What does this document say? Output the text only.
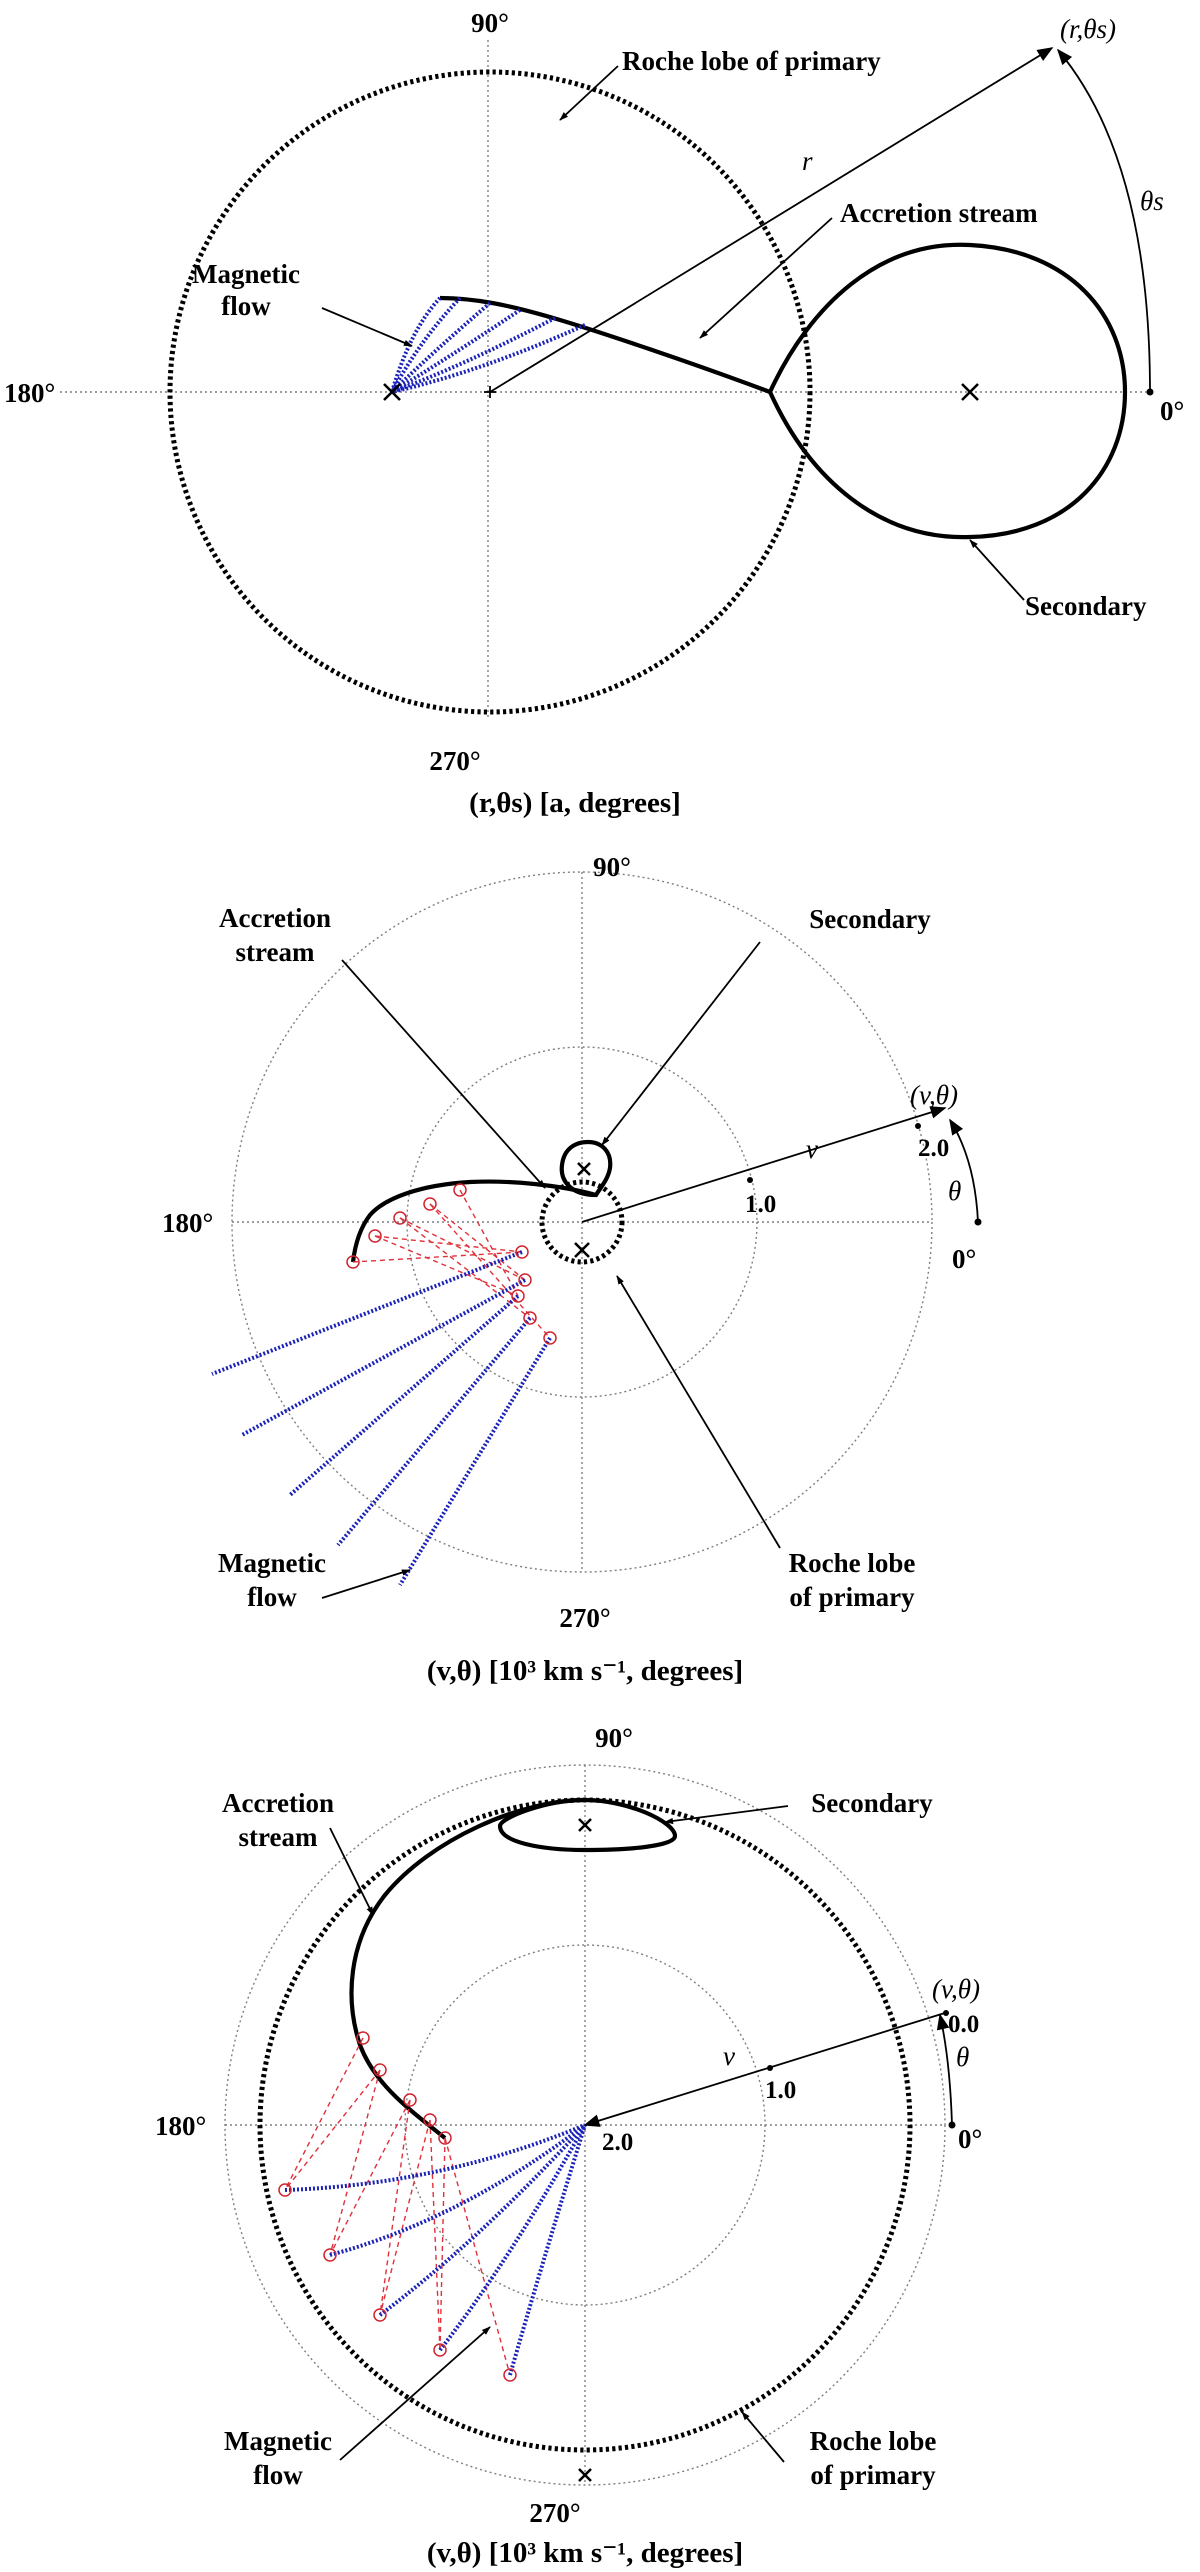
90°
180°
0°
270°
Roche lobe of primary
(r,θs)
r
θs
Accretion stream
Magnetic
flow
Secondary
(r,θs) [a, degrees]
90°
180°
0°
270°
Accretion
stream
Secondary
(v,θ)
v
θ
1.0
2.0
Magnetic
flow
Roche lobe
of primary
(v,θ) [10³ km s⁻¹, degrees]
90°
180°	0°
270°
Accretion
stream
Secondary
(v,θ)
v	θ
0.0
1.0
2.0
Magnetic
flow
Roche lobe
of primary
(v,θ) [10³ km s⁻¹, degrees]
